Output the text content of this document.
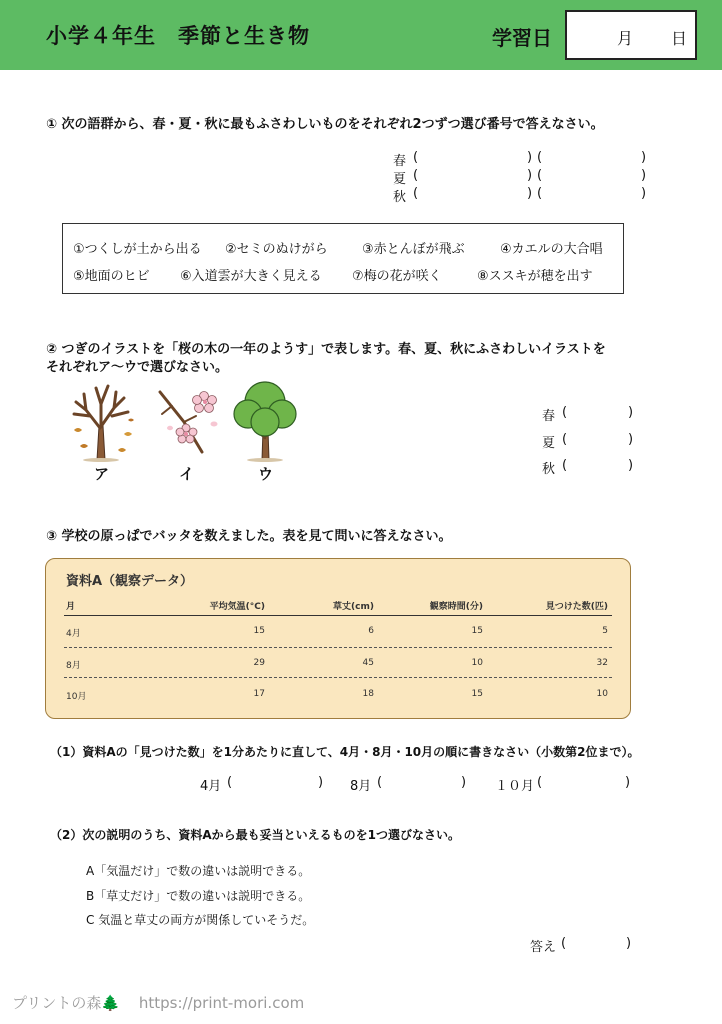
小学４年生　季節と生き物	学習日	月 日
① 次の語群から、春・夏・秋に最もふさわしいものをそれぞれ2つずつ選び番号で答えなさい。
春 (	) (	)
夏 (	) (	)
秋 (	) (	)
①つくしが土から出る ②セミのぬけがら	③赤とんぼが飛ぶ	④カエルの大合唱
⑤地面のヒビ ⑥入道雲が大きく見える ⑦梅の花が咲く	⑧ススキが穂を出す
② つぎのイラストを「桜の木の一年のようす」で表します。春、夏、秋にふさわしいイラストを
それぞれア～ウで選びなさい。
ア	イ	ウ
春 (	)
夏 (	)
秋 (	)
③ 学校の原っぱでバッタを数えました。表を見て問いに答えなさい。
資料A（観察データ）
月	平均気温(°C)	草丈(cm)	観察時間(分)	見つけた数(匹)
4月	15	6	15	5
8月	29	45	10	32
10月	17	18	15	10
（1）資料Aの「見つけた数」を1分あたりに直して、4月・8月・10月の順に書きなさい（小数第2位まで）。
4月 (	) 8月 (	) １０月 (	)
（2）次の説明のうち、資料Aから最も妥当といえるものを1つ選びなさい。
A「気温だけ」で数の違いは説明できる。
B「草丈だけ」で数の違いは説明できる。
C 気温と草丈の両方が関係していそうだ。
答え (	)
プリントの森🌲 https://print-mori.com
